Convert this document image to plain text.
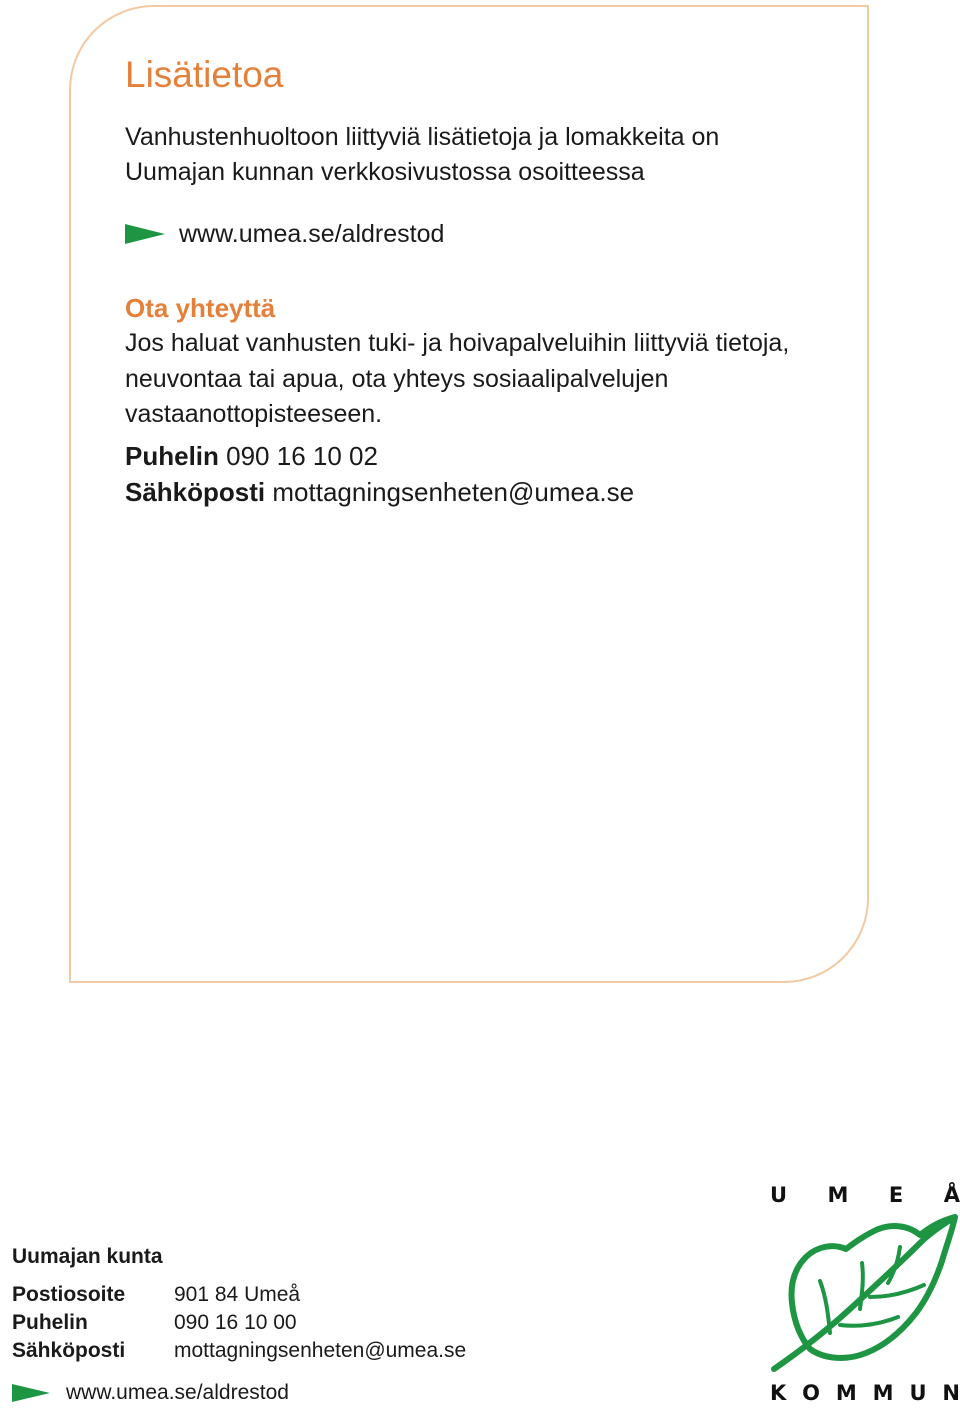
Lisätietoa

Vanhustenhuoltoon liittyviä lisätietoja ja lomakkeita on Uumajan kunnan verkkosivustossa osoitteessa

www.umea.se/aldrestod
Ota yhteyttä

Jos haluat vanhusten tuki- ja hoivapalveluihin liittyviä tietoja, neuvontaa tai apua, ota yhteys sosiaalipalvelujen vastaanottopisteeseen.

Puhelin 090 16 10 02
Sähköposti mottagningsenheten@umea.se

Uumajan kunta

Postiosoite	901 84 Umeå
Puhelin	090 16 10 00
Sähköposti	mottagningsenheten@umea.se
www.umea.se/aldrestod
U M E Å
K O M M U N
